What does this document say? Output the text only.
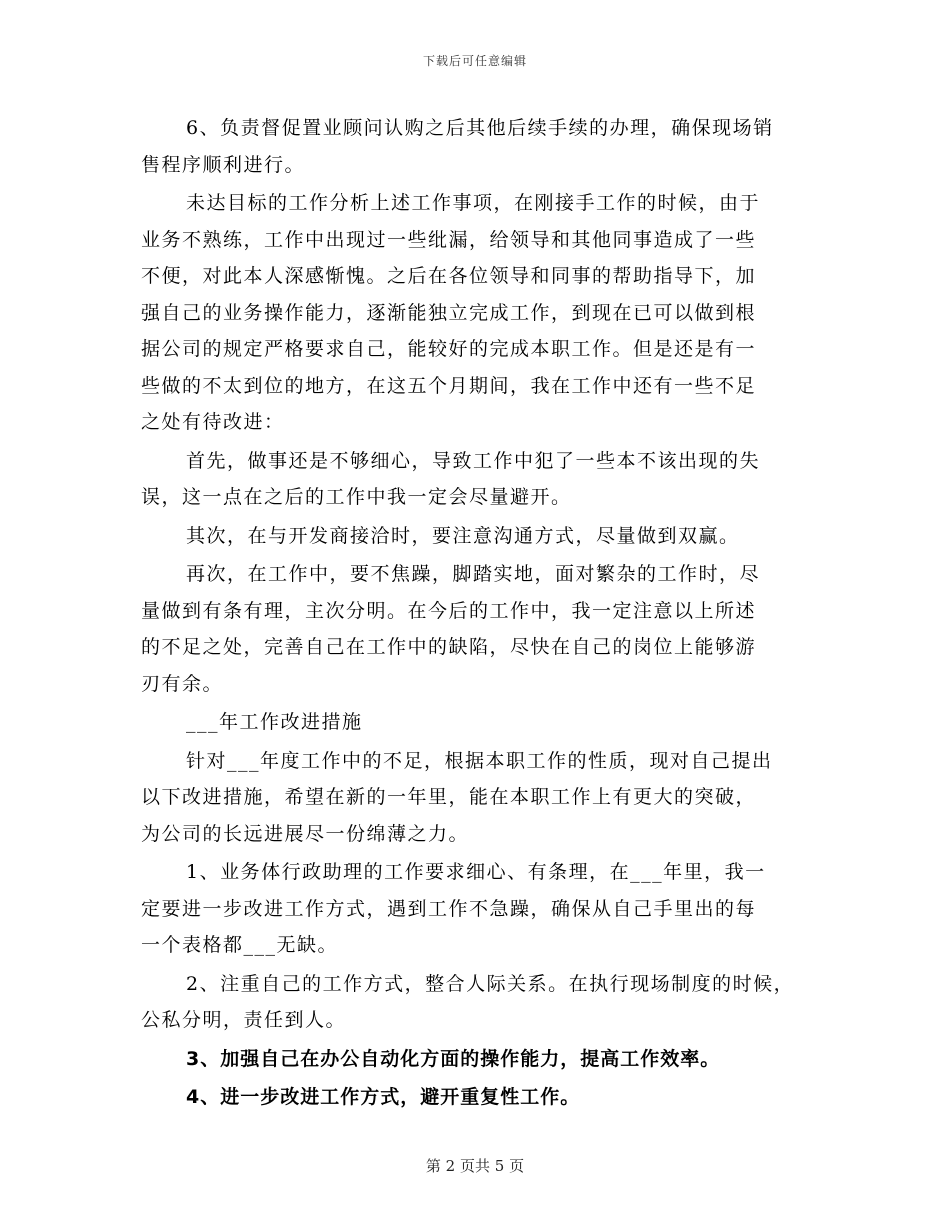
下载后可任意编辑
6、负责督促置业顾问认购之后其他后续手续的办理，确保现场销
售程序顺利进行。
未达目标的工作分析上述工作事项，在刚接手工作的时候，由于
业务不熟练，工作中出现过一些纰漏，给领导和其他同事造成了一些
不便，对此本人深感惭愧。之后在各位领导和同事的帮助指导下，加
强自己的业务操作能力，逐渐能独立完成工作，到现在已可以做到根
据公司的规定严格要求自己，能较好的完成本职工作。但是还是有一
些做的不太到位的地方，在这五个月期间，我在工作中还有一些不足
之处有待改进：
首先，做事还是不够细心，导致工作中犯了一些本不该出现的失
误，这一点在之后的工作中我一定会尽量避开。
其次，在与开发商接洽时，要注意沟通方式，尽量做到双赢。
再次，在工作中，要不焦躁，脚踏实地，面对繁杂的工作时，尽
量做到有条有理，主次分明。在今后的工作中，我一定注意以上所述
的不足之处，完善自己在工作中的缺陷，尽快在自己的岗位上能够游
刃有余。
___年工作改进措施
针对___年度工作中的不足，根据本职工作的性质，现对自己提出
以下改进措施，希望在新的一年里，能在本职工作上有更大的突破，
为公司的长远进展尽一份绵薄之力。
1、业务体行政助理的工作要求细心、有条理，在___年里，我一
定要进一步改进工作方式，遇到工作不急躁，确保从自己手里出的每
一个表格都___无缺。
2、注重自己的工作方式，整合人际关系。在执行现场制度的时候，
公私分明，责任到人。
3、加强自己在办公自动化方面的操作能力，提高工作效率。
4、进一步改进工作方式，避开重复性工作。
第 2 页共 5 页
